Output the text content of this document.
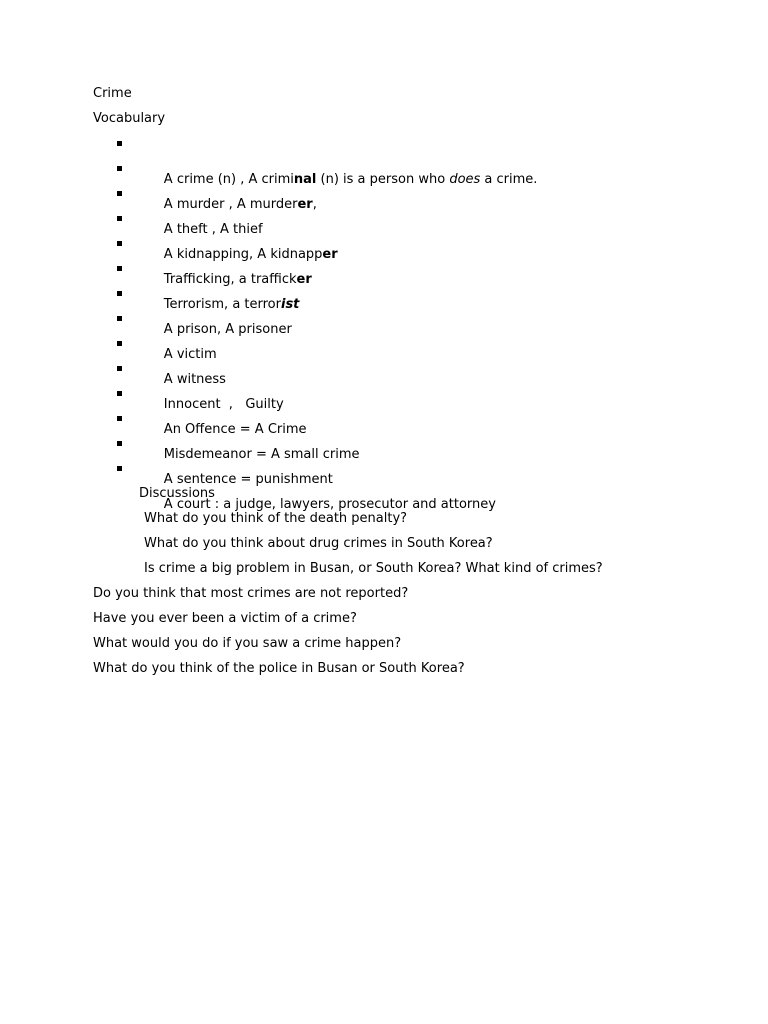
Crime
Vocabulary

A crime (n) , A criminal (n) is a person who does a crime.

A murder , A murderer,

A theft , A thief

A kidnapping, A kidnapper

Trafficking, a trafficker

Terrorism, a terrorist

A prison, A prisoner

A victim

A witness

Innocent  ,   Guilty

An Offence = A Crime

Misdemeanor = A small crime

A sentence = punishment

A court : a judge, lawyers, prosecutor and attorney

Discussions
What do you think of the death penalty?
What do you think about drug crimes in South Korea?
Is crime a big problem in Busan, or South Korea? What kind of crimes?
Do you think that most crimes are not reported?
Have you ever been a victim of a crime?
What would you do if you saw a crime happen?
What do you think of the police in Busan or South Korea?
